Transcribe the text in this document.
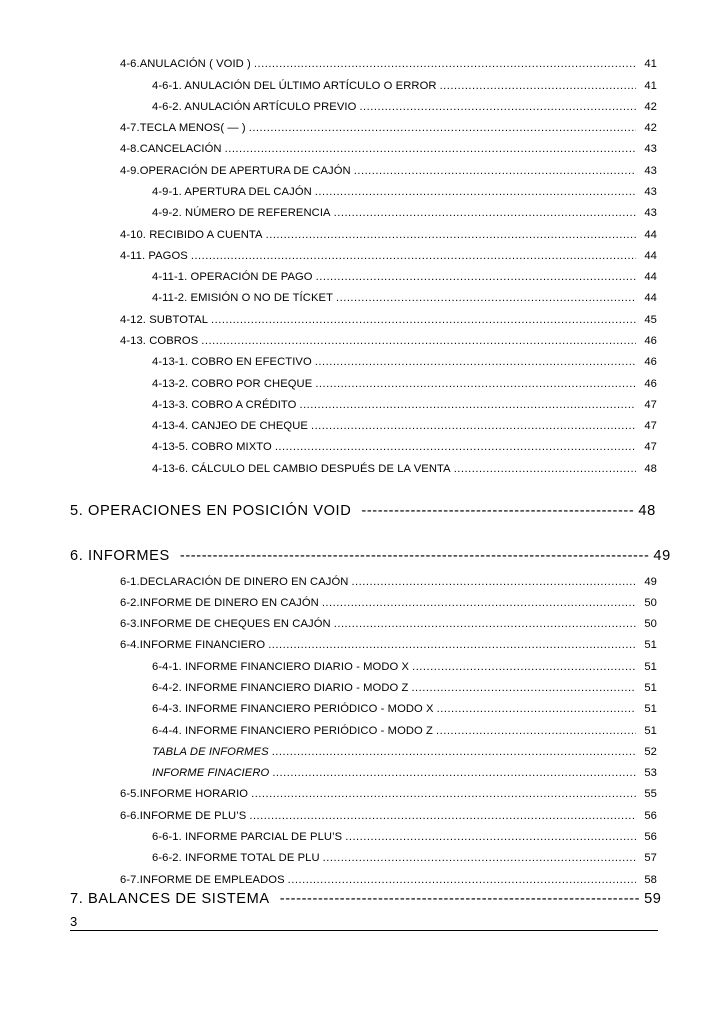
4-6. ANULACIÓN ( VOID ) .....	41
4-6-1. ANULACIÓN DEL ÚLTIMO ARTÍCULO O ERROR .....	41
4-6-2. ANULACIÓN ARTÍCULO PREVIO .....	42
4-7. TECLA MENOS( — ) .....	42
4-8. CANCELACIÓN .....	43
4-9. OPERACIÓN DE APERTURA DE CAJÓN .....	43
4-9-1. APERTURA DEL CAJÓN .....	43
4-9-2. NÚMERO DE REFERENCIA .....	43
4-10. RECIBIDO A CUENTA .....	44
4-11. PAGOS .....	44
4-11-1. OPERACIÓN DE PAGO .....	44
4-11-2. EMISIÓN O NO DE TÍCKET .....	44
4-12. SUBTOTAL .....	45
4-13. COBROS .....	46
4-13-1. COBRO EN EFECTIVO .....	46
4-13-2. COBRO POR CHEQUE .....	46
4-13-3. COBRO A CRÉDITO .....	47
4-13-4. CANJEO DE CHEQUE .....	47
4-13-5. COBRO MIXTO .....	47
4-13-6. CÁLCULO DEL CAMBIO DESPUÉS DE LA VENTA .....	48
5. OPERACIONES EN POSICIÓN VOID -------------------------------------------------- 48
6. INFORMES -------------------------------------------------------------------------------------- 49
6-1. DECLARACIÓN DE DINERO EN CAJÓN .....	49
6-2. INFORME DE DINERO EN CAJÓN .....	50
6-3. INFORME DE CHEQUES EN CAJÓN .....	50
6-4. INFORME FINANCIERO .....	51
6-4-1. INFORME FINANCIERO DIARIO - MODO X .....	51
6-4-2. INFORME FINANCIERO DIARIO - MODO Z .....	51
6-4-3. INFORME FINANCIERO PERIÓDICO - MODO X .....	51
6-4-4. INFORME FINANCIERO PERIÓDICO - MODO Z .....	51
TABLA DE INFORMES .....	52
INFORME FINACIERO .....	53
6-5. INFORME HORARIO .....	55
6-6. INFORME DE PLU’S .....	56
6-6-1. INFORME PARCIAL DE PLU’S .....	56
6-6-2. INFORME TOTAL DE PLU .....	57
6-7. INFORME DE EMPLEADOS .....	58
7. BALANCES DE SISTEMA ------------------------------------------------------------------ 59
3
